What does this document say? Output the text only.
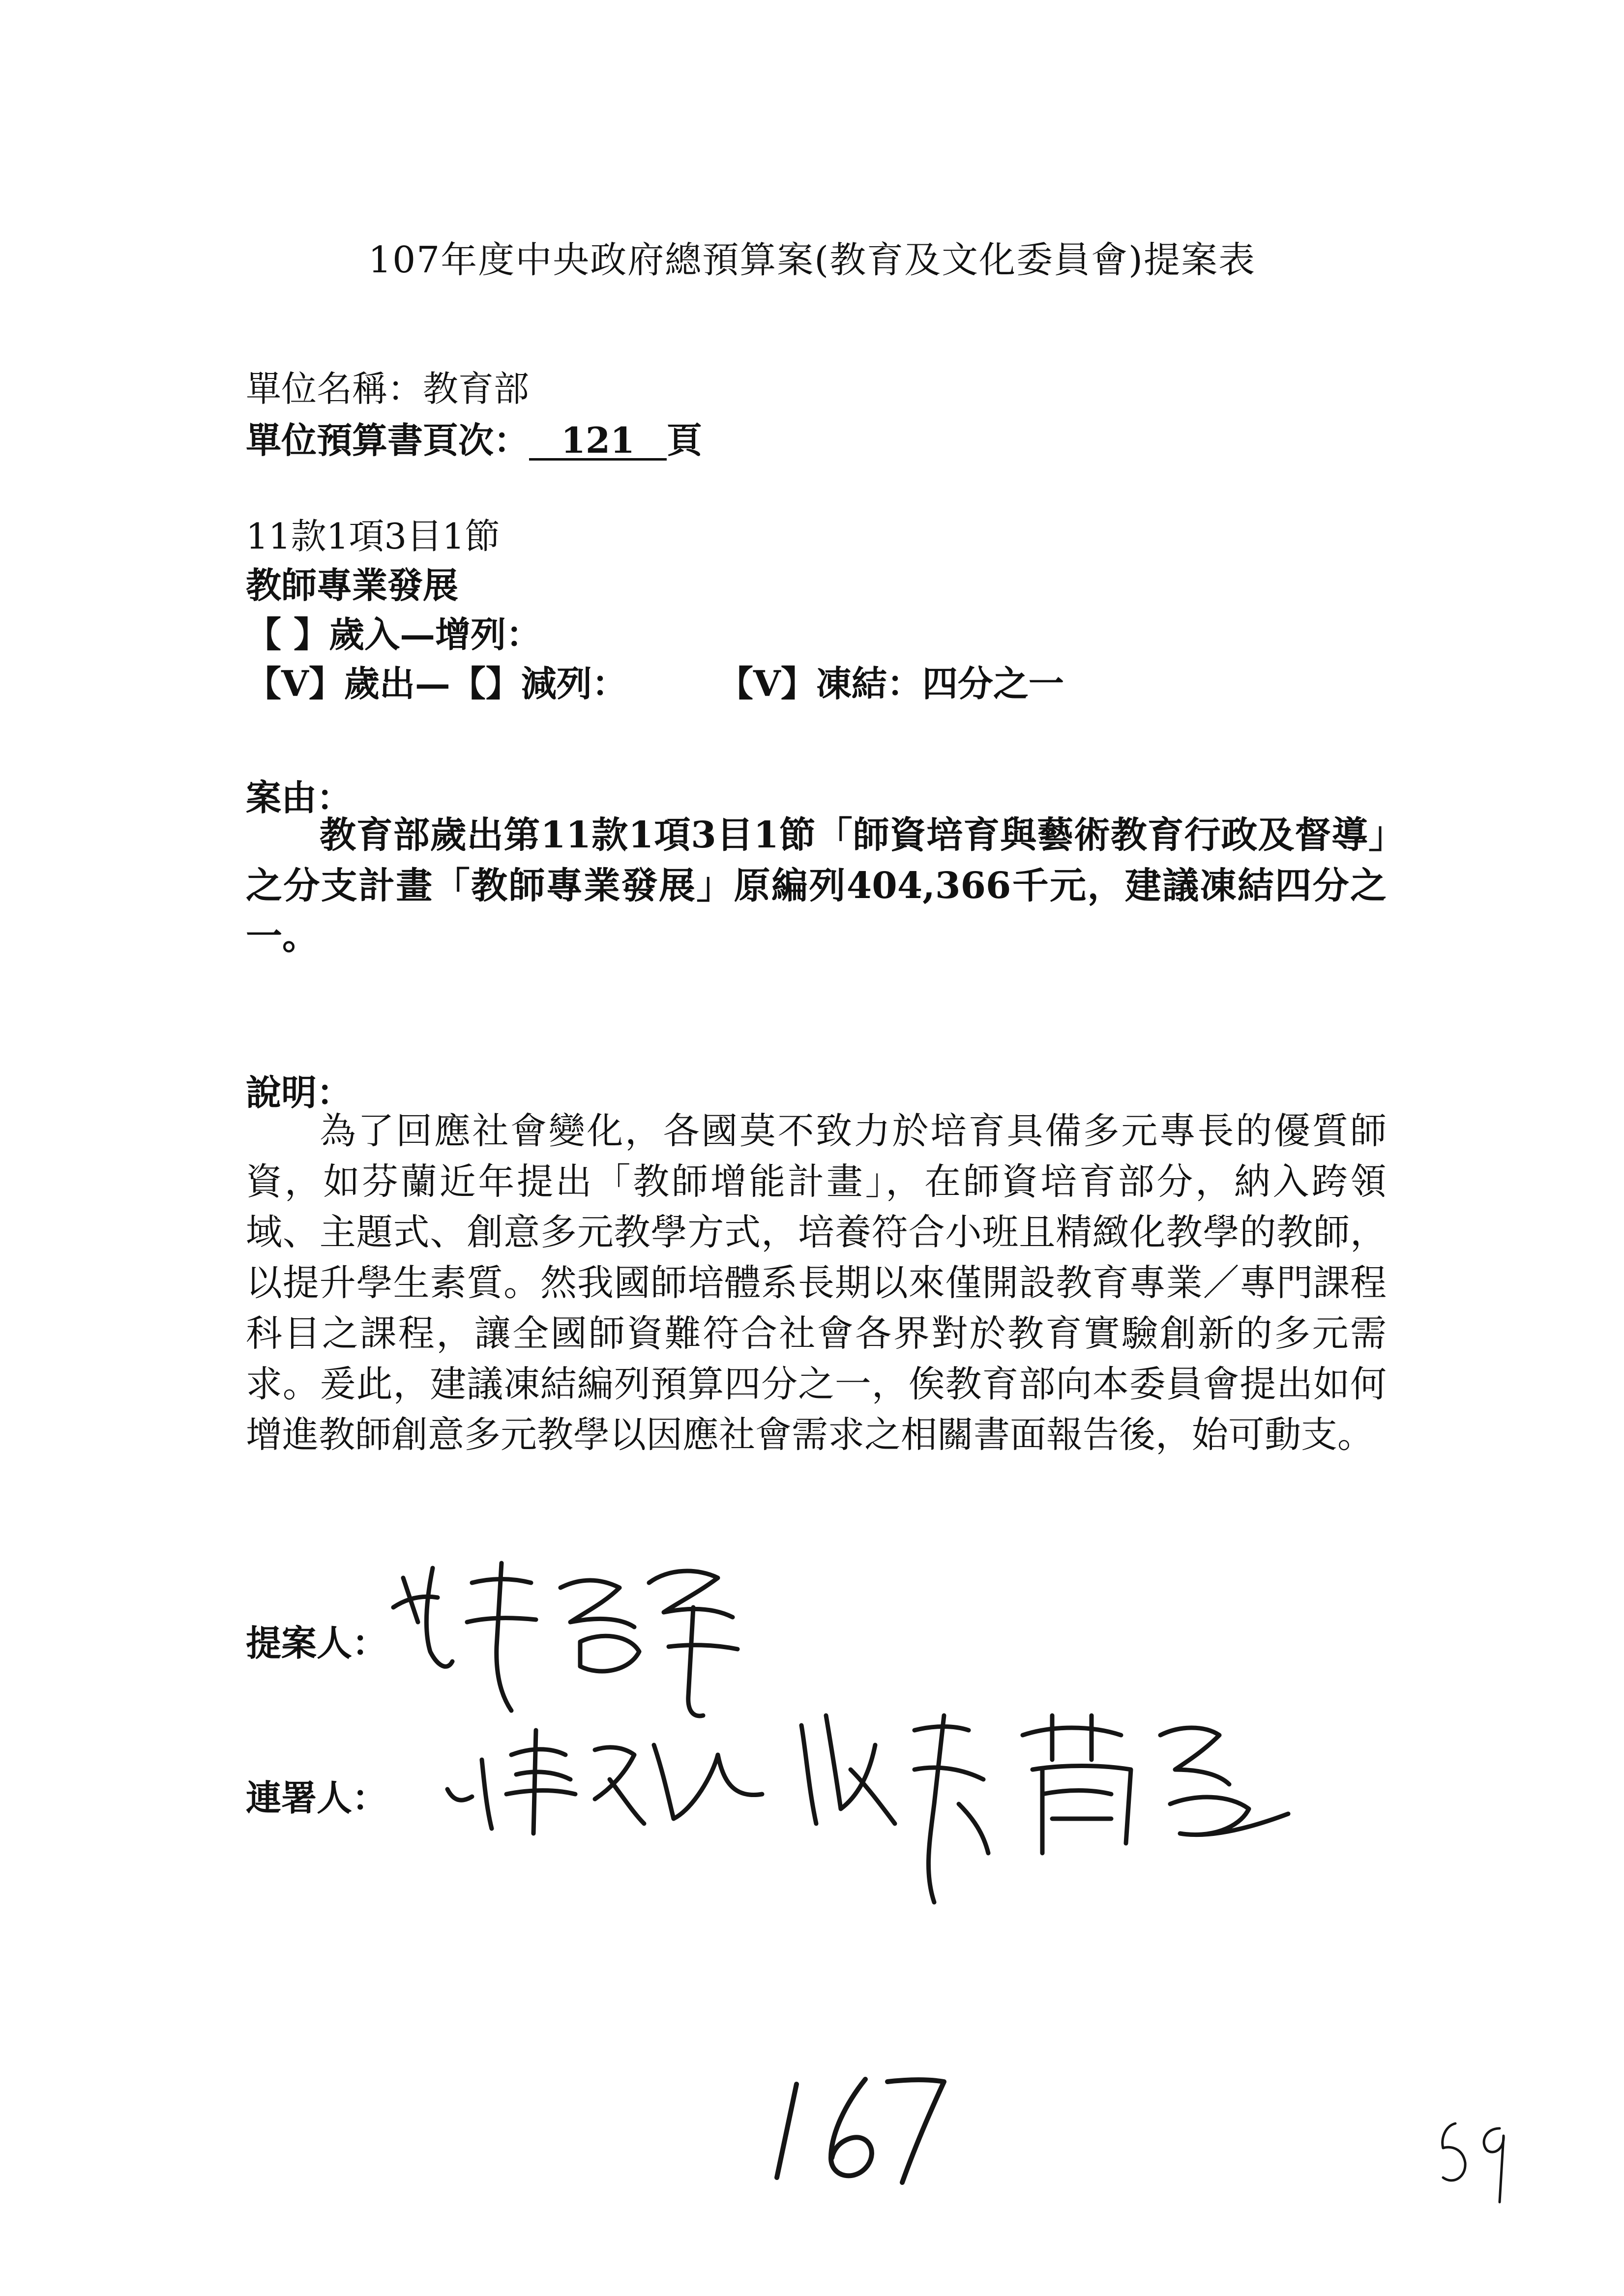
107年度中央政府總預算案(教育及文化委員會)提案表
單位名稱：教育部
單位預算書頁次： 121 頁
11款1項3目1節
教師專業發展
【 】歲入—增列：
【V】歲出—【】減列：	【V】凍結：四分之一
案由：
教育部歲出第11款1項3目1節「師資培育與藝術教育行政及督導」之分支計畫「教師專業發展」原編列404,366千元，建議凍結四分之一。
說明：
為了回應社會變化，各國莫不致力於培育具備多元專長的優質師資，如芬蘭近年提出「教師增能計畫」，在師資培育部分，納入跨領域、主題式、創意多元教學方式，培養符合小班且精緻化教學的教師，以提升學生素質。然我國師培體系長期以來僅開設教育專業／專門課程科目之課程，讓全國師資難符合社會各界對於教育實驗創新的多元需求。爰此，建議凍結編列預算四分之一，俟教育部向本委員會提出如何增進教師創意多元教學以因應社會需求之相關書面報告後，始可動支。
提案人：
連署人：
